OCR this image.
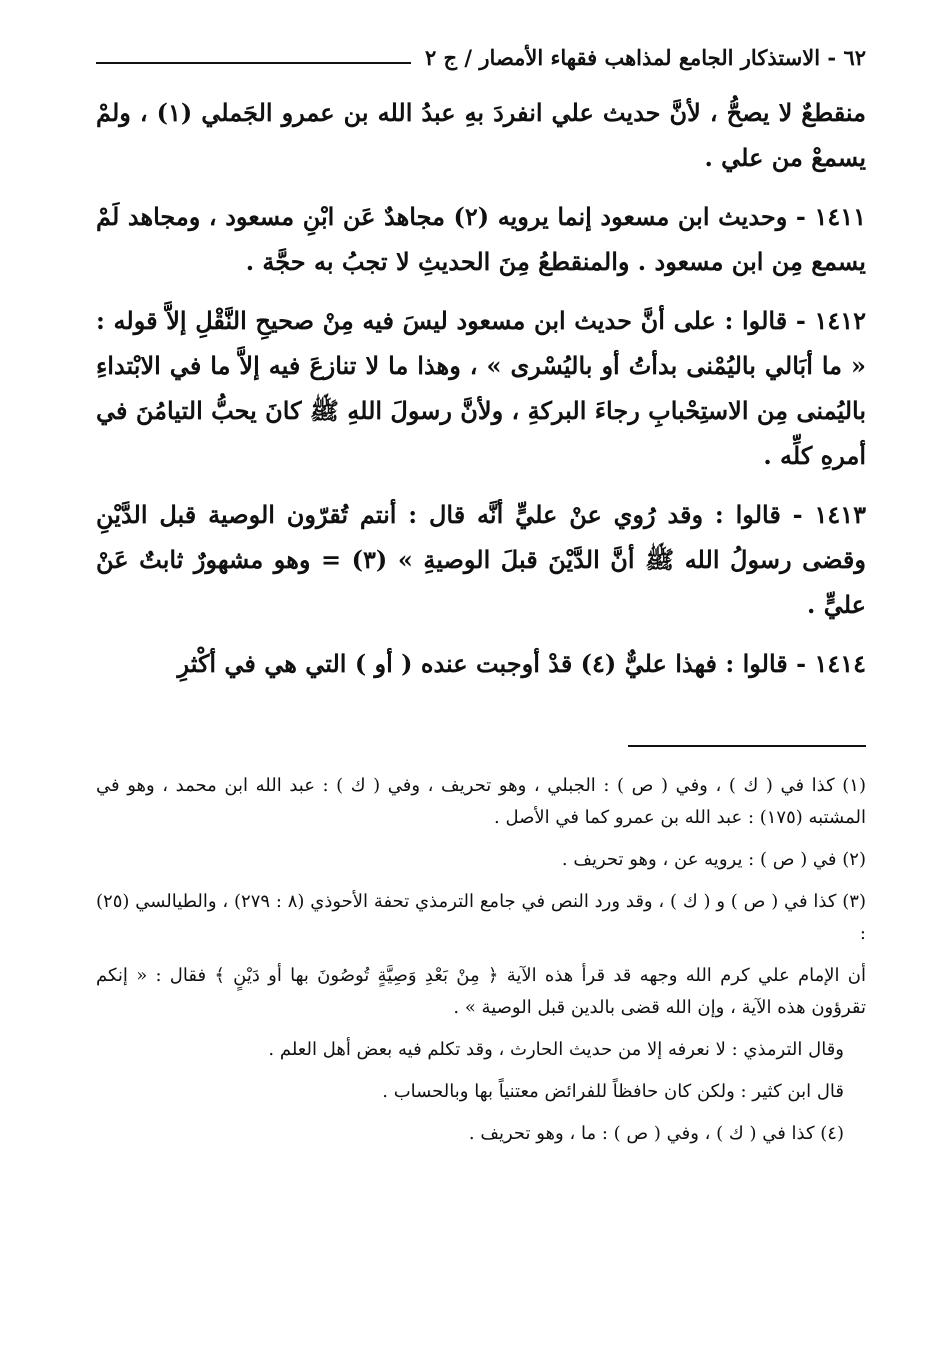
٦٢ - الاستذكار الجامع لمذاهب فقهاء الأمصار / ج ٢

منقطعٌ لا يصحُّ ، لأنَّ حديث علي انفردَ بهِ عبدُ الله بن عمرو الجَملي (١) ، ولمْ يسمعْ من علي .

١٤١١ - وحديث ابن مسعود إنما يرويه (٢) مجاهدٌ عَن ابْنِ مسعود ، ومجاهد لَمْ يسمع مِن ابن مسعود . والمنقطعُ مِنَ الحديثِ لا تجبُ به حجَّة .

١٤١٢ - قالوا : على أنَّ حديث ابن مسعود ليسَ فيه مِنْ صحيحِ النَّقْلِ إلاَّ قوله : « ما أبَالي باليُمْنى بدأتُ أو باليُسْرى » ، وهذا ما لا تنازعَ فيه إلاَّ ما في الابْتداءِ باليُمنى مِن الاستِحْبابِ رجاءَ البركةِ ، ولأنَّ رسولَ اللهِ ﷺ كانَ يحبُّ التيامُنَ في أمرهِ كلِّه .

١٤١٣ - قالوا : وقد رُوي عنْ عليٍّ أنَّه قال : أنتم تُقرّون الوصية قبل الدَّيْنِ وقضى رسولُ الله ﷺ أنَّ الدَّيْنَ قبلَ الوصيةِ » (٣) = وهو مشهورٌ ثابتٌ عَنْ عليٍّ .

١٤١٤ - قالوا : فهذا عليٌّ (٤) قدْ أوجبت عنده ( أو ) التي هي في أكْثرِ

(١) كذا في ( ك ) ، وفي ( ص ) : الجبلي ، وهو تحريف ، وفي ( ك ) : عبد الله ابن محمد ، وهو في المشتبه (١٧٥) : عبد الله بن عمرو كما في الأصل .

(٢) في ( ص ) : يرويه عن ، وهو تحريف .

(٣) كذا في ( ص ) و ( ك ) ، وقد ورد النص في جامع الترمذي تحفة الأحوذي (٨ : ٢٧٩) ، والطيالسي (٢٥) :

أن الإمام علي كرم الله وجهه قد قرأ هذه الآية ﴿ مِنْ بَعْدِ وَصِيَّةٍ تُوصُونَ بها أو دَيْنٍ ﴾ فقال : « إنكم تقرؤون هذه الآية ، وإن الله قضى بالدين قبل الوصية » .

وقال الترمذي : لا نعرفه إلا من حديث الحارث ، وقد تكلم فيه بعض أهل العلم .

قال ابن كثير : ولكن كان حافظاً للفرائض معتنياً بها وبالحساب .

(٤) كذا في ( ك ) ، وفي ( ص ) : ما ، وهو تحريف .
